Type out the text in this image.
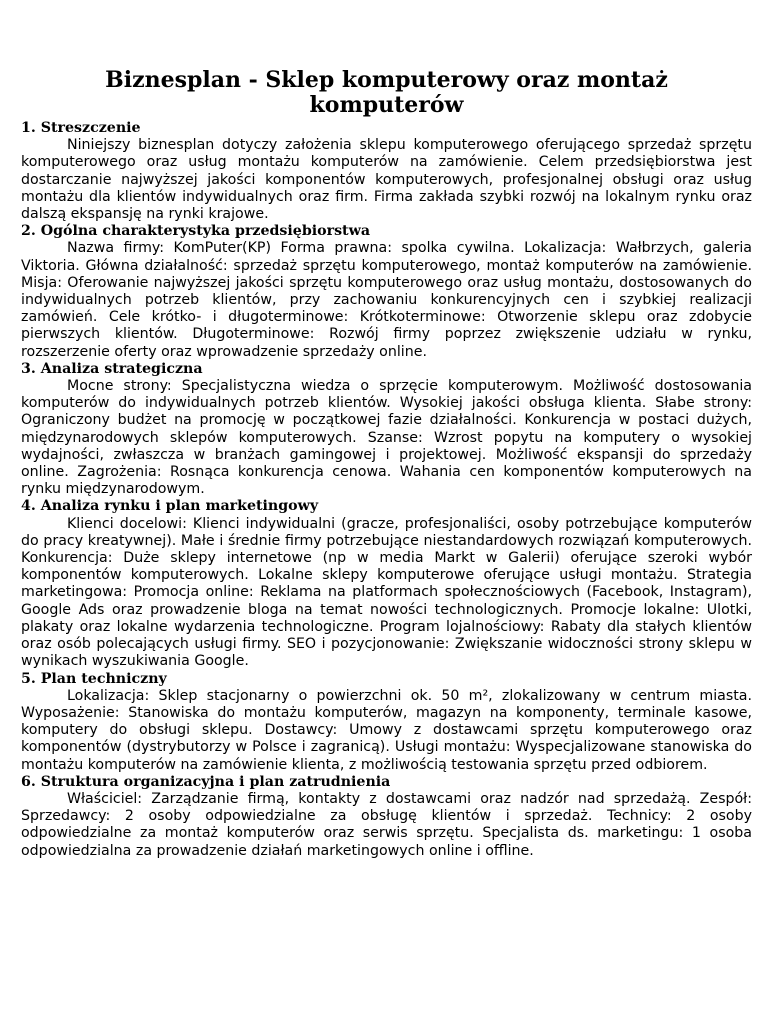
Biznesplan - Sklep komputerowy oraz montaż komputerów
1. Streszczenie

Niniejszy biznesplan dotyczy założenia sklepu komputerowego oferującego sprzedaż sprzętu komputerowego oraz usług montażu komputerów na zamówienie. Celem przedsiębiorstwa jest dostarczanie najwyższej jakości komponentów komputerowych, profesjonalnej obsługi oraz usług montażu dla klientów indywidualnych oraz firm. Firma zakłada szybki rozwój na lokalnym rynku oraz dalszą ekspansję na rynki krajowe.

2. Ogólna charakterystyka przedsiębiorstwa

Nazwa firmy: KomPuter(KP) Forma prawna: spolka cywilna. Lokalizacja: Wałbrzych, galeria Viktoria. Główna działalność: sprzedaż sprzętu komputerowego, montaż komputerów na zamówienie. Misja: Oferowanie najwyższej jakości sprzętu komputerowego oraz usług montażu, dostosowanych do indywidualnych potrzeb klientów, przy zachowaniu konkurencyjnych cen i szybkiej realizacji zamówień. Cele krótko- i długoterminowe: Krótkoterminowe: Otworzenie sklepu oraz zdobycie pierwszych klientów. Długoterminowe: Rozwój firmy poprzez zwiększenie udziału w rynku, rozszerzenie oferty oraz wprowadzenie sprzedaży online.

3. Analiza strategiczna

Mocne strony: Specjalistyczna wiedza o sprzęcie komputerowym. Możliwość dostosowania komputerów do indywidualnych potrzeb klientów. Wysokiej jakości obsługa klienta. Słabe strony: Ograniczony budżet na promocję w początkowej fazie działalności. Konkurencja w postaci dużych, międzynarodowych sklepów komputerowych. Szanse: Wzrost popytu na komputery o wysokiej wydajności, zwłaszcza w branżach gamingowej i projektowej. Możliwość ekspansji do sprzedaży online. Zagrożenia: Rosnąca konkurencja cenowa. Wahania cen komponentów komputerowych na rynku międzynarodowym.

4. Analiza rynku i plan marketingowy

Klienci docelowi: Klienci indywidualni (gracze, profesjonaliści, osoby potrzebujące komputerów do pracy kreatywnej). Małe i średnie firmy potrzebujące niestandardowych rozwiązań komputerowych. Konkurencja: Duże sklepy internetowe (np w media Markt w Galerii) oferujące szeroki wybór komponentów komputerowych. Lokalne sklepy komputerowe oferujące usługi montażu. Strategia marketingowa: Promocja online: Reklama na platformach społecznościowych (Facebook, Instagram), Google Ads oraz prowadzenie bloga na temat nowości technologicznych. Promocje lokalne: Ulotki, plakaty oraz lokalne wydarzenia technologiczne. Program lojalnościowy: Rabaty dla stałych klientów oraz osób polecających usługi firmy. SEO i pozycjonowanie: Zwiększanie widoczności strony sklepu w wynikach wyszukiwania Google.

5. Plan techniczny

Lokalizacja: Sklep stacjonarny o powierzchni ok. 50 m², zlokalizowany w centrum miasta. Wyposażenie: Stanowiska do montażu komputerów, magazyn na komponenty, terminale kasowe, komputery do obsługi sklepu. Dostawcy: Umowy z dostawcami sprzętu komputerowego oraz komponentów (dystrybutorzy w Polsce i zagranicą). Usługi montażu: Wyspecjalizowane stanowiska do montażu komputerów na zamówienie klienta, z możliwością testowania sprzętu przed odbiorem.

6. Struktura organizacyjna i plan zatrudnienia

Właściciel: Zarządzanie firmą, kontakty z dostawcami oraz nadzór nad sprzedażą. Zespół: Sprzedawcy: 2 osoby odpowiedzialne za obsługę klientów i sprzedaż. Technicy: 2 osoby odpowiedzialne za montaż komputerów oraz serwis sprzętu. Specjalista ds. marketingu: 1 osoba odpowiedzialna za prowadzenie działań marketingowych online i offline.
